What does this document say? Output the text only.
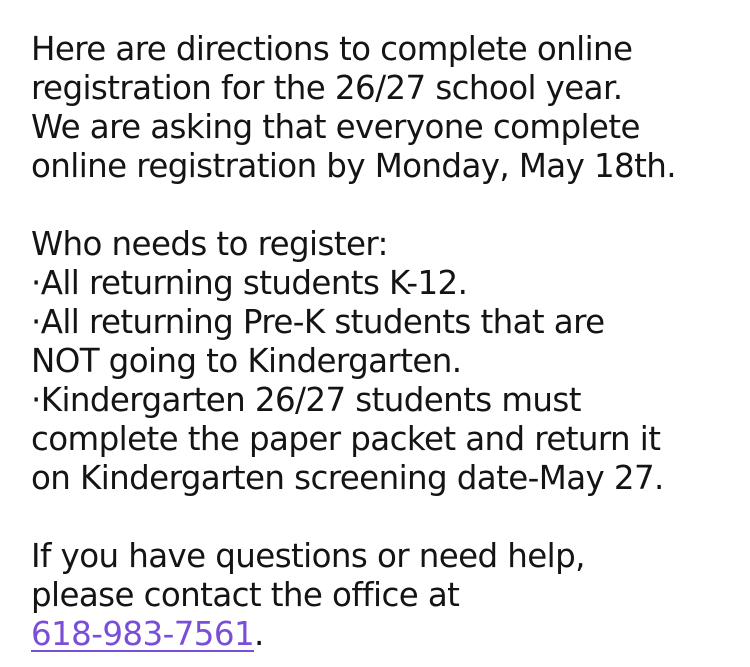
Here are directions to complete online
registration for the 26/27 school year.
We are asking that everyone complete
online registration by Monday, May 18th.
Who needs to register:
·All returning students K-12.
·All returning Pre-K students that are
NOT going to Kindergarten.
·Kindergarten 26/27 students must
complete the paper packet and return it
on Kindergarten screening date-May 27.
If you have questions or need help,
please contact the office at
618-983-7561.
